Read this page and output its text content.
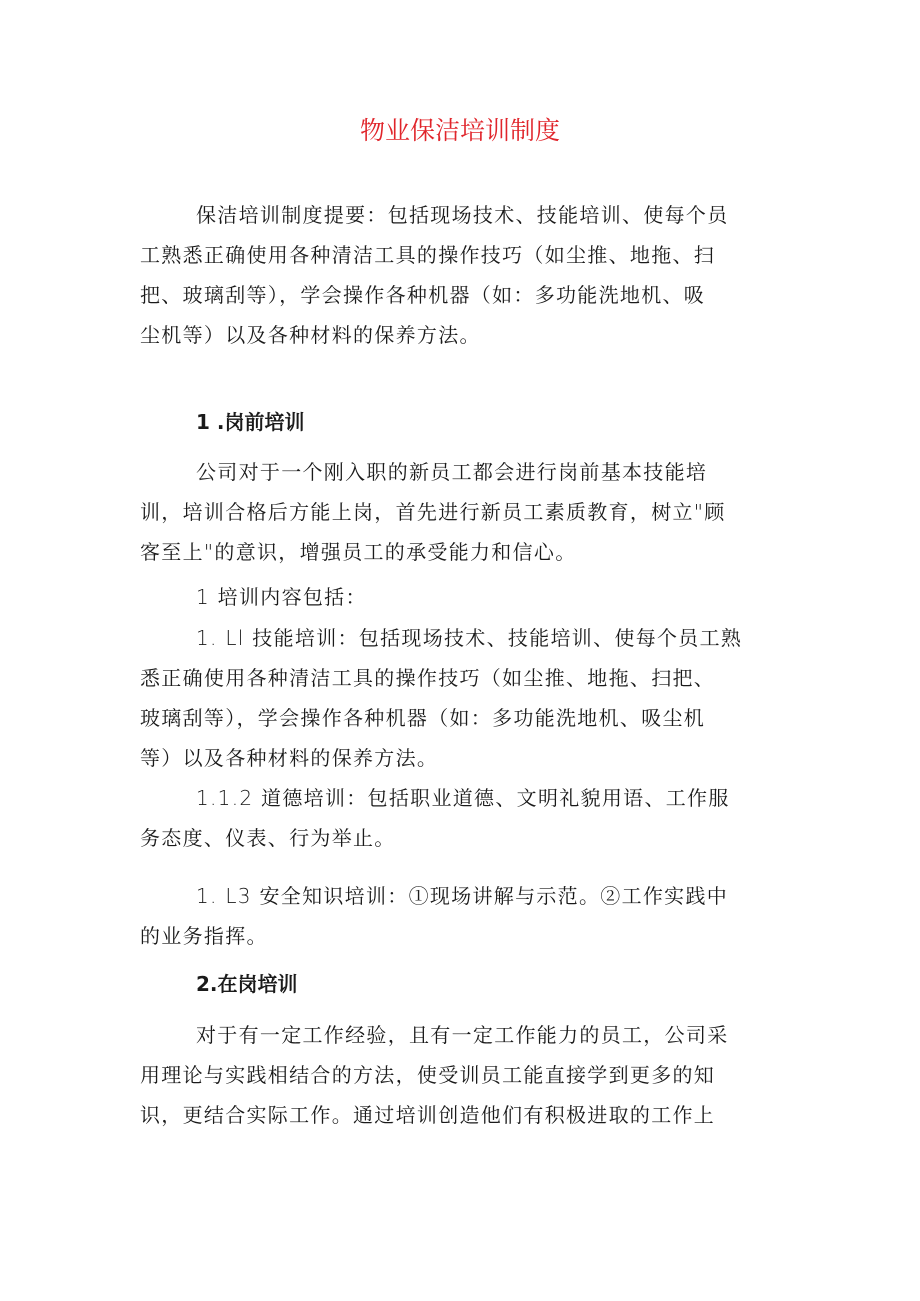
物业保洁培训制度
保洁培训制度提要：包括现场技术、技能培训、使每个员
工熟悉正确使用各种清洁工具的操作技巧（如尘推、地拖、扫
把、玻璃刮等），学会操作各种机器（如：多功能洗地机、吸
尘机等）以及各种材料的保养方法。
1 .岗前培训
公司对于一个刚入职的新员工都会进行岗前基本技能培
训，培训合格后方能上岗，首先进行新员工素质教育，树立"顾
客至上"的意识，增强员工的承受能力和信心。
1 培训内容包括：
1. Ll 技能培训：包括现场技术、技能培训、使每个员工熟
悉正确使用各种清洁工具的操作技巧（如尘推、地拖、扫把、
玻璃刮等），学会操作各种机器（如：多功能洗地机、吸尘机
等）以及各种材料的保养方法。
1.1.2 道德培训：包括职业道德、文明礼貌用语、工作服
务态度、仪表、行为举止。
1. L3 安全知识培训：①现场讲解与示范。②工作实践中
的业务指挥。
2.在岗培训
对于有一定工作经验，且有一定工作能力的员工，公司采
用理论与实践相结合的方法，使受训员工能直接学到更多的知
识，更结合实际工作。通过培训创造他们有积极进取的工作上
